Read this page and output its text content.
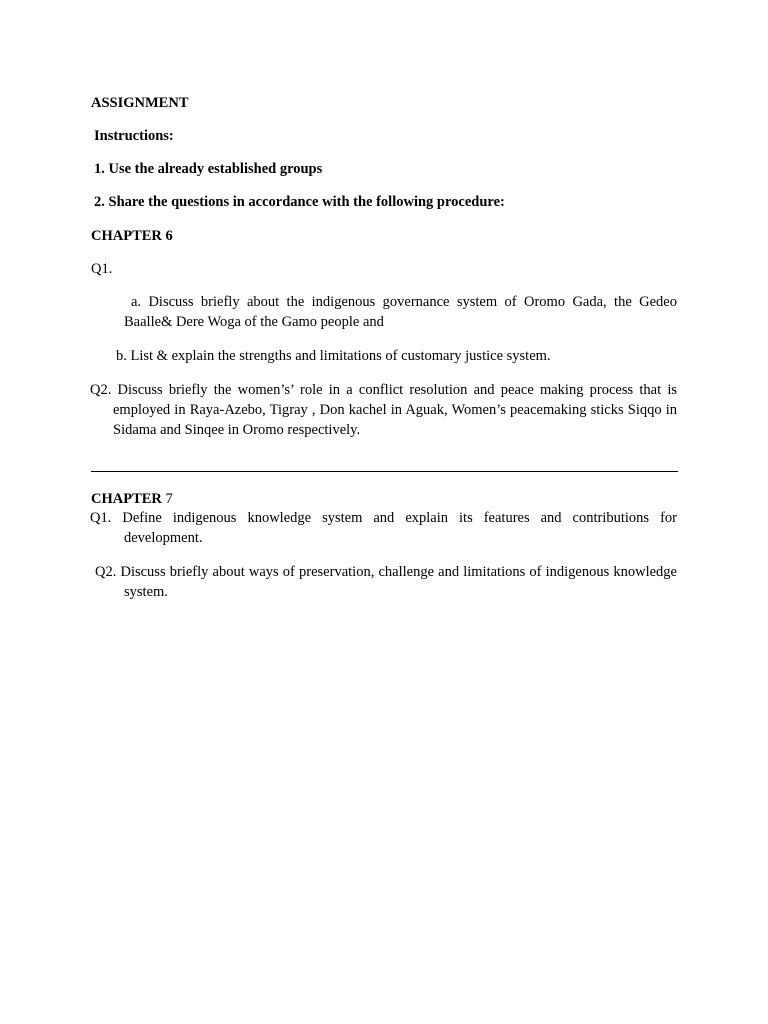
ASSIGNMENT

Instructions:

1. Use the already established groups

2. Share the questions in accordance with the following procedure:

CHAPTER 6

Q1.

a. Discuss briefly about the indigenous governance system of Oromo Gada, the Gedeo Baalle& Dere Woga of the Gamo people and

b. List & explain the strengths and limitations of customary justice system.

Q2. Discuss briefly the women’s’ role in a conflict resolution and peace making process that is employed in Raya-Azebo, Tigray , Don kachel in Aguak, Women’s peacemaking sticks Siqqo in Sidama and Sinqee in Oromo respectively.

CHAPTER 7

Q1. Define indigenous knowledge system and explain its features and contributions for development.

Q2. Discuss briefly about ways of preservation, challenge and limitations of indigenous knowledge system.
